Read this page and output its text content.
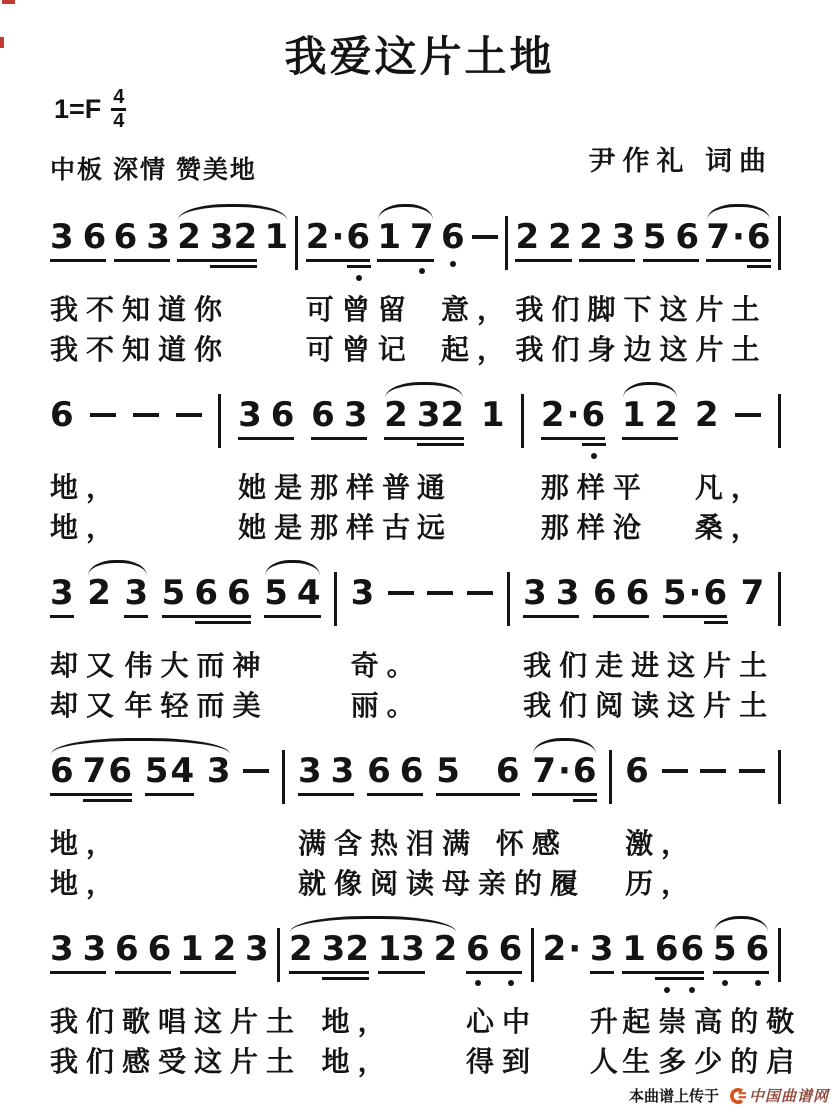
我爱这片土地
$1=F \frac{4}{4}$
中板 深情 赞美地	尹作礼 词曲
3 6 6 3 2 32 1 2 · 6 1 7 6 2 2 2 3 5 6 7 · 6
我不知道你	可曾留 意， 我们脚下这片土
我不知道你	可曾记 起， 我们身边这片土
6	3 6 6 3 2 32 1 2 · 6 1 2 2
地，	她是那样普
通	那样平 凡，
地，	她是那样古
远	那样沧 桑，
3 2 3 5 6 6 5 4 3	3 3 6 6 5 · 6 7
却又 伟大而神	奇。	我们走进这片土
却又 年轻而美	丽。	我们阅读这片土
6 7 6 5 4 3 3 3 6 6 5 6 7 · 6 6
地，	满含热泪满 怀感 激，
地，	就像阅读母亲的履 历，
3 3 6 6 1 2 3 2 32 13 2 6 6 2 · 3 1 6 6 5 6
我们歌唱这片土 地，	心中 升
起崇高的敬
我们感受这片土 地，	得到 人
生多少的启
本曲谱上传于 中国曲谱网
